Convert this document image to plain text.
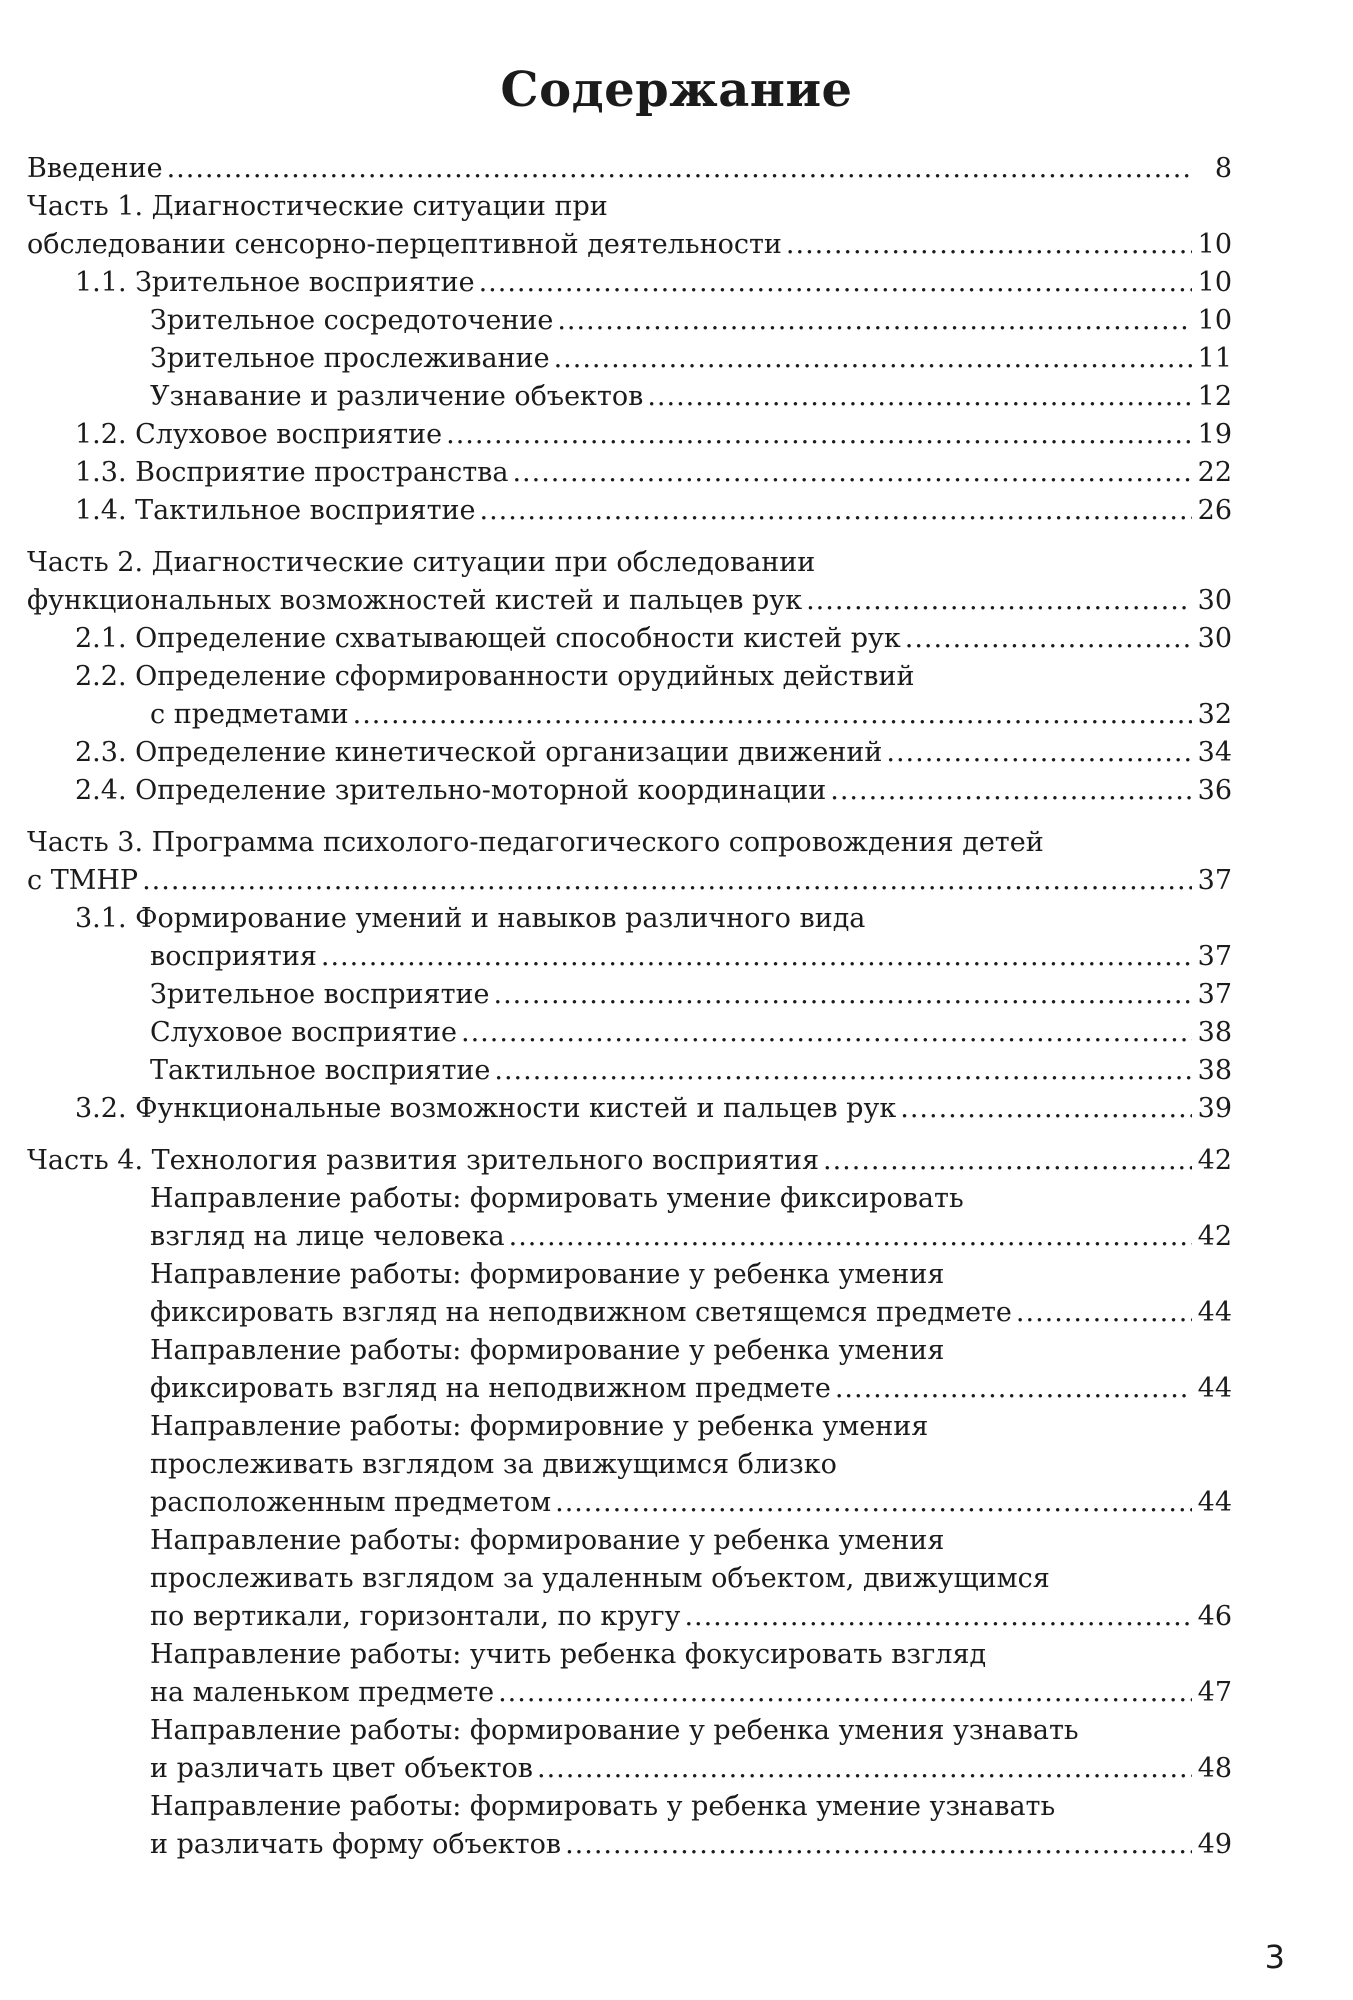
Содержание
Введение .....	8
Часть 1. Диагностические ситуации при
обследовании сенсорно-перцептивной деятельности .....	10
1.1. Зрительное восприятие .....	10
Зрительное сосредоточение .....	10
Зрительное прослеживание .....	11
Узнавание и различение объектов .....	12
1.2. Слуховое восприятие .....	19
1.3. Восприятие пространства .....	22
1.4. Тактильное восприятие .....	26
Часть 2. Диагностические ситуации при обследовании
функциональных возможностей кистей и пальцев рук .....	30
2.1. Определение схватывающей способности кистей рук .....	30
2.2. Определение сформированности орудийных действий
с предметами .....	32
2.3. Определение кинетической организации движений .....	34
2.4. Определение зрительно-моторной координации .....	36
Часть 3. Программа психолого-педагогического сопровождения детей
с ТМНР .....	37
3.1. Формирование умений и навыков различного вида
восприятия .....	37
Зрительное восприятие .....	37
Слуховое восприятие .....	38
Тактильное восприятие .....	38
3.2. Функциональные возможности кистей и пальцев рук .....	39
Часть 4. Технология развития зрительного восприятия .....	42
Направление работы: формировать умение фиксировать
взгляд на лице человека .....	42
Направление работы: формирование у ребенка умения
фиксировать взгляд на неподвижном светящемся предмете .....	44
Направление работы: формирование у ребенка умения
фиксировать взгляд на неподвижном предмете .....	44
Направление работы: формировние у ребенка умения
прослеживать взглядом за движущимся близко
расположенным предметом .....	44
Направление работы: формирование у ребенка умения
прослеживать взглядом за удаленным объектом, движущимся
по вертикали, горизонтали, по кругу .....	46
Направление работы: учить ребенка фокусировать взгляд
на маленьком предмете .....	47
Направление работы: формирование у ребенка умения узнавать
и различать цвет объектов .....	48
Направление работы: формировать у ребенка умение узнавать
и различать форму объектов .....	49
3
